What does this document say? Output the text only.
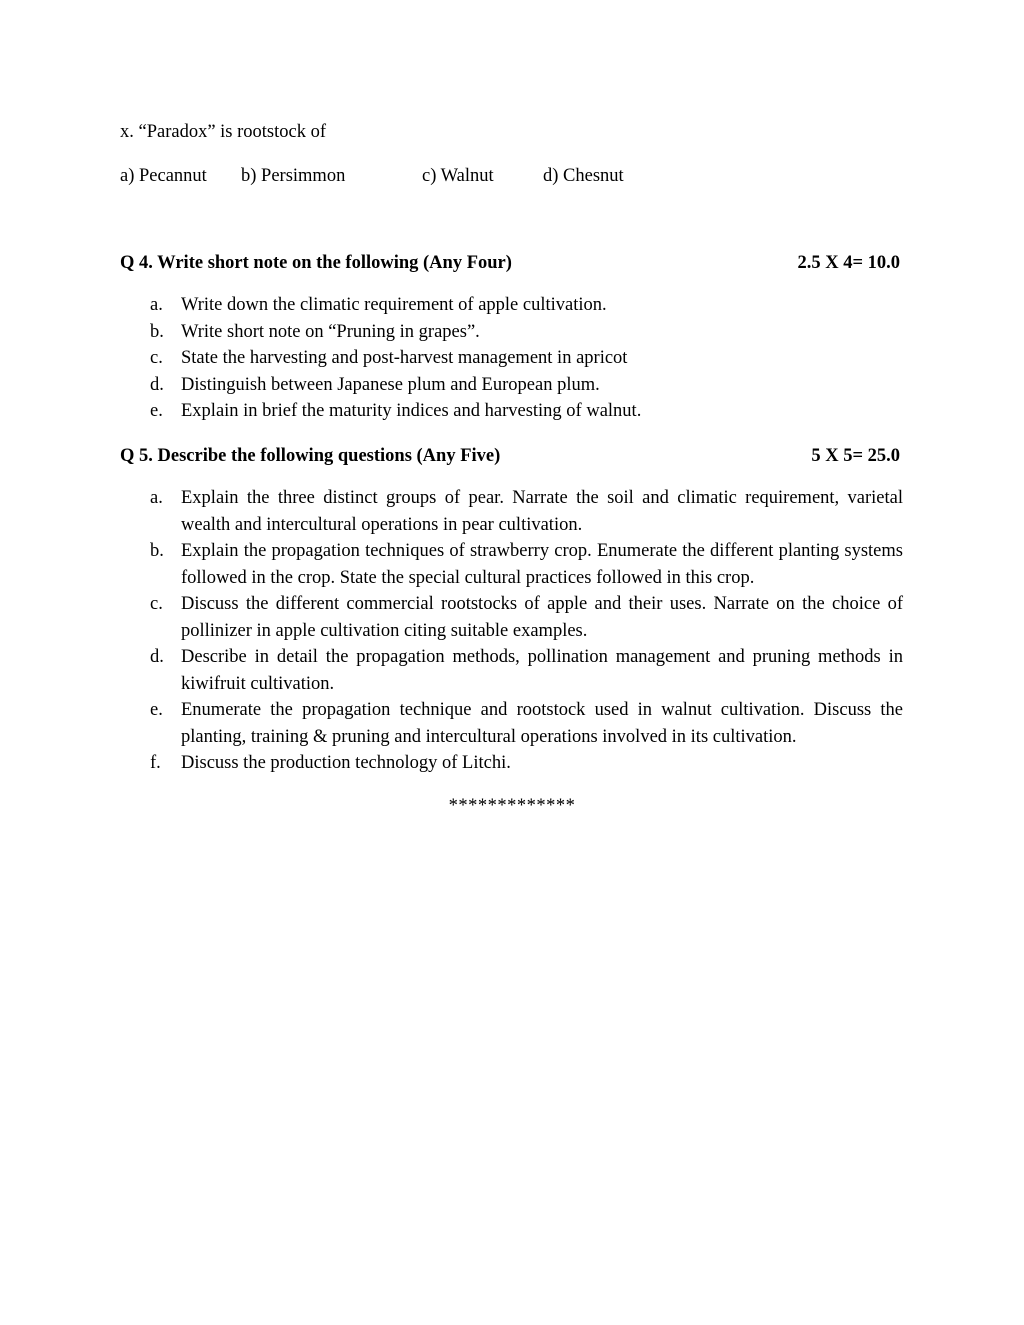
x. “Paradox” is rootstock of
a) Pecannut b) Persimmon	c) Walnut	d) Chesnut
Q 4. Write short note on the following (Any Four)	2.5 X 4= 10.0
a. Write down the climatic requirement of apple cultivation.
b. Write short note on “Pruning in grapes”.
c. State the harvesting and post-harvest management in apricot
d. Distinguish between Japanese plum and European plum.
e. Explain in brief the maturity indices and harvesting of walnut.
Q 5. Describe the following questions (Any Five)	5 X 5= 25.0
a. Explain the three distinct groups of pear. Narrate the soil and climatic requirement, varietal wealth and intercultural operations in pear cultivation.
b. Explain the propagation techniques of strawberry crop. Enumerate the different planting systems followed in the crop. State the special cultural practices followed in this crop.
c. Discuss the different commercial rootstocks of apple and their uses. Narrate on the choice of pollinizer in apple cultivation citing suitable examples.
d. Describe in detail the propagation methods, pollination management and pruning methods in kiwifruit cultivation.
e. Enumerate the propagation technique and rootstock used in walnut cultivation. Discuss the planting, training & pruning and intercultural operations involved in its cultivation.
f. Discuss the production technology of Litchi.
*************
